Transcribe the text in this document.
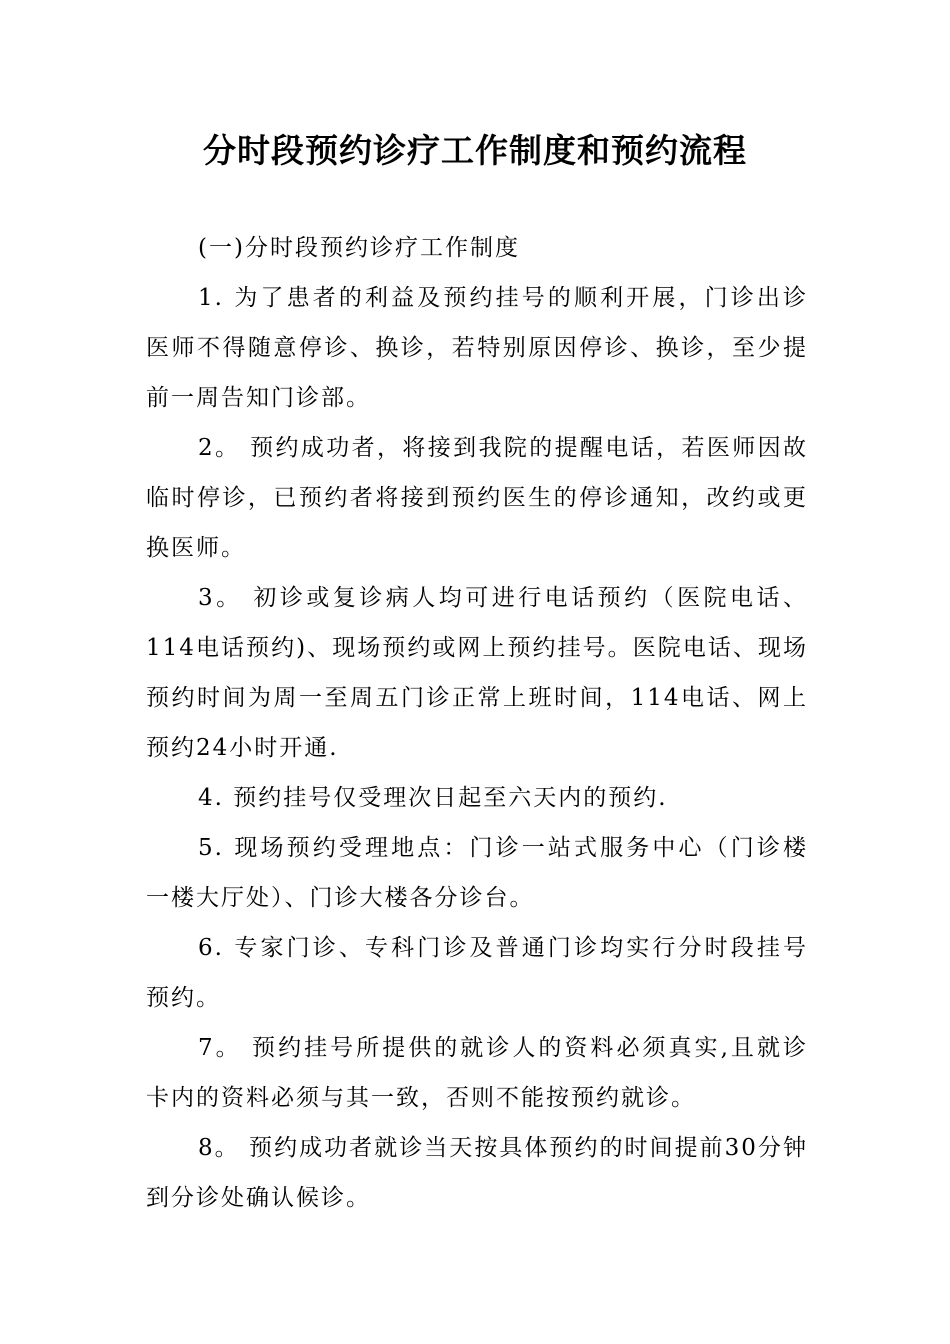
分时段预约诊疗工作制度和预约流程

(一)分时段预约诊疗工作制度

1. 为了患者的利益及预约挂号的顺利开展，门诊出诊医师不得随意停诊、换诊，若特别原因停诊、换诊，至少提前一周告知门诊部。

2。 预约成功者，将接到我院的提醒电话，若医师因故临时停诊，已预约者将接到预约医生的停诊通知，改约或更换医师。

3。 初诊或复诊病人均可进行电话预约（医院电话、114电话预约)、现场预约或网上预约挂号。医院电话、现场预约时间为周一至周五门诊正常上班时间，114电话、网上预约24小时开通.

4. 预约挂号仅受理次日起至六天内的预约.

5. 现场预约受理地点：门诊一站式服务中心（门诊楼一楼大厅处）、门诊大楼各分诊台。

6. 专家门诊、专科门诊及普通门诊均实行分时段挂号预约。

7。 预约挂号所提供的就诊人的资料必须真实,且就诊卡内的资料必须与其一致，否则不能按预约就诊。

8。 预约成功者就诊当天按具体预约的时间提前30分钟到分诊处确认候诊。
